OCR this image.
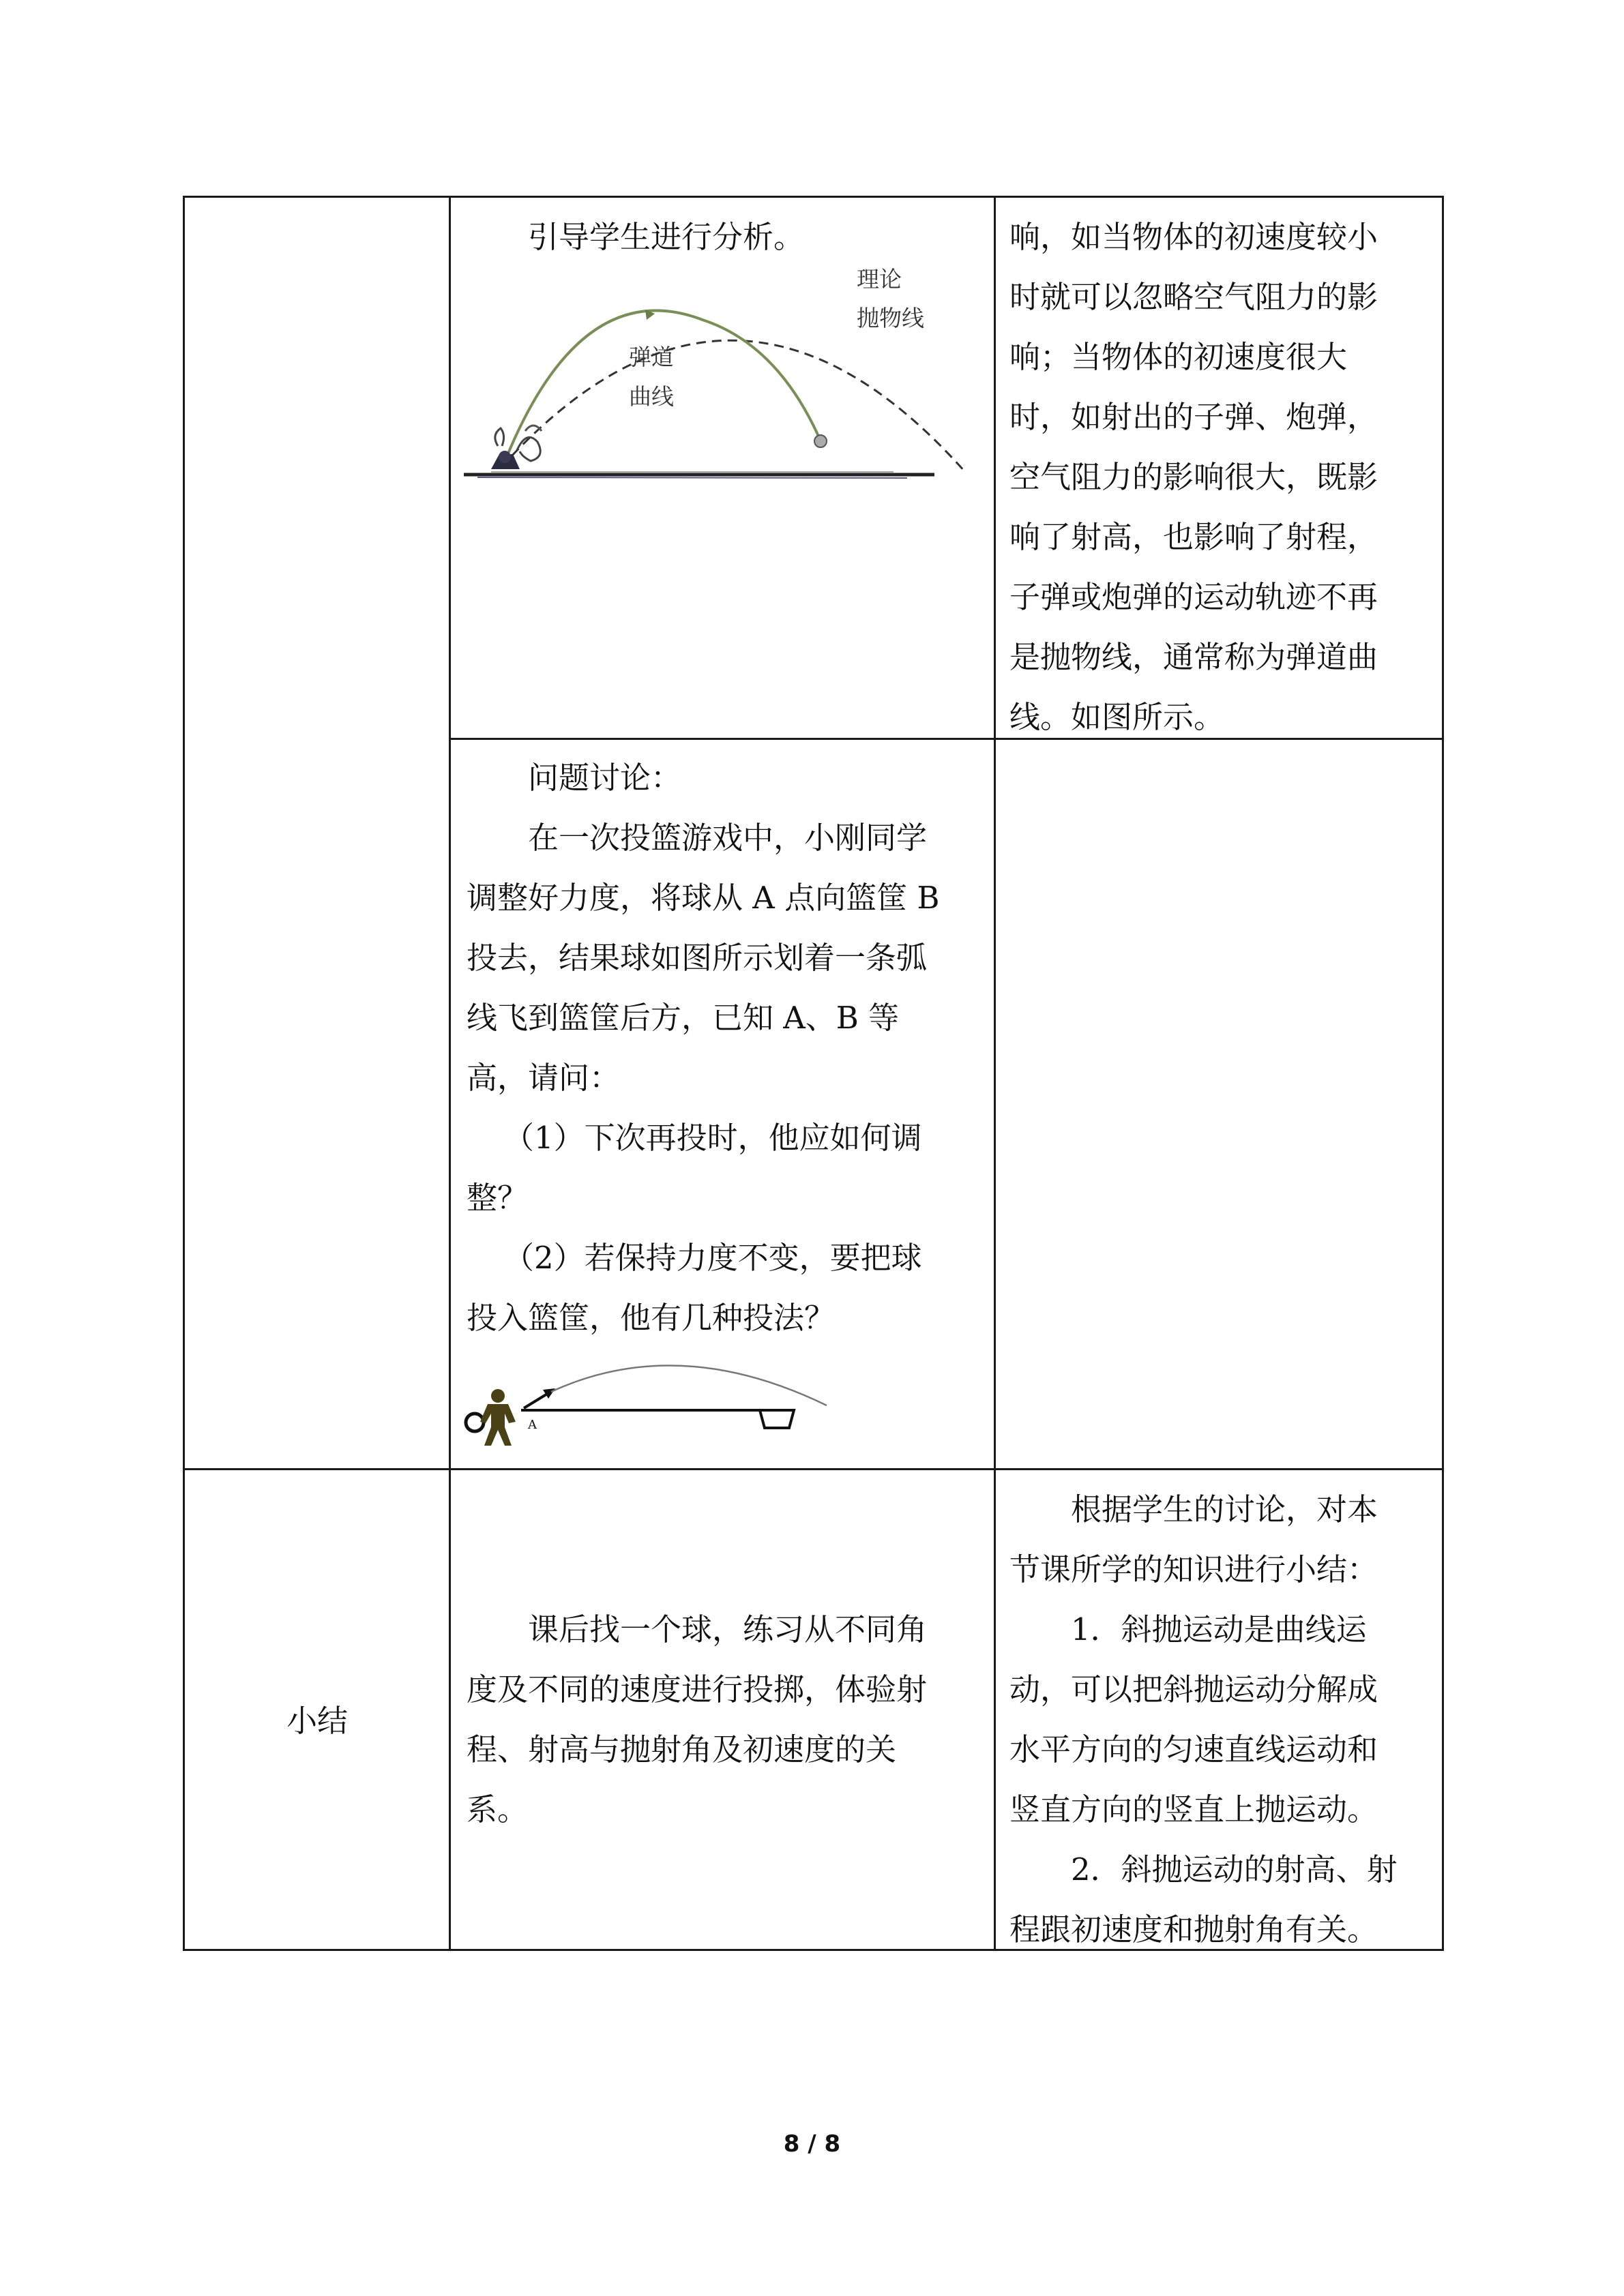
引导学生进行分析。

理论
抛物线
弹道
曲线

响，如当物体的初速度较小

时就可以忽略空气阻力的影

响；当物体的初速度很大

时，如射出的子弹、炮弹，

空气阻力的影响很大，既影

响了射高，也影响了射程，

子弹或炮弹的运动轨迹不再

是抛物线，通常称为弹道曲

线。如图所示。

问题讨论：

在一次投篮游戏中，小刚同学

调整好力度，将球从 A 点向篮筐 B

投去，结果球如图所示划着一条弧

线飞到篮筐后方，已知 A、B 等

高，请问：

（1）下次再投时，他应如何调

整？

（2）若保持力度不变，要把球

投入篮筐，他有几种投法？

A
小结

课后找一个球，练习从不同角

度及不同的速度进行投掷，体验射

程、射高与抛射角及初速度的关

系。

根据学生的讨论，对本

节课所学的知识进行小结：

1．斜抛运动是曲线运

动，可以把斜抛运动分解成

水平方向的匀速直线运动和

竖直方向的竖直上抛运动。

2．斜抛运动的射高、射

程跟初速度和抛射角有关。

8 / 8
